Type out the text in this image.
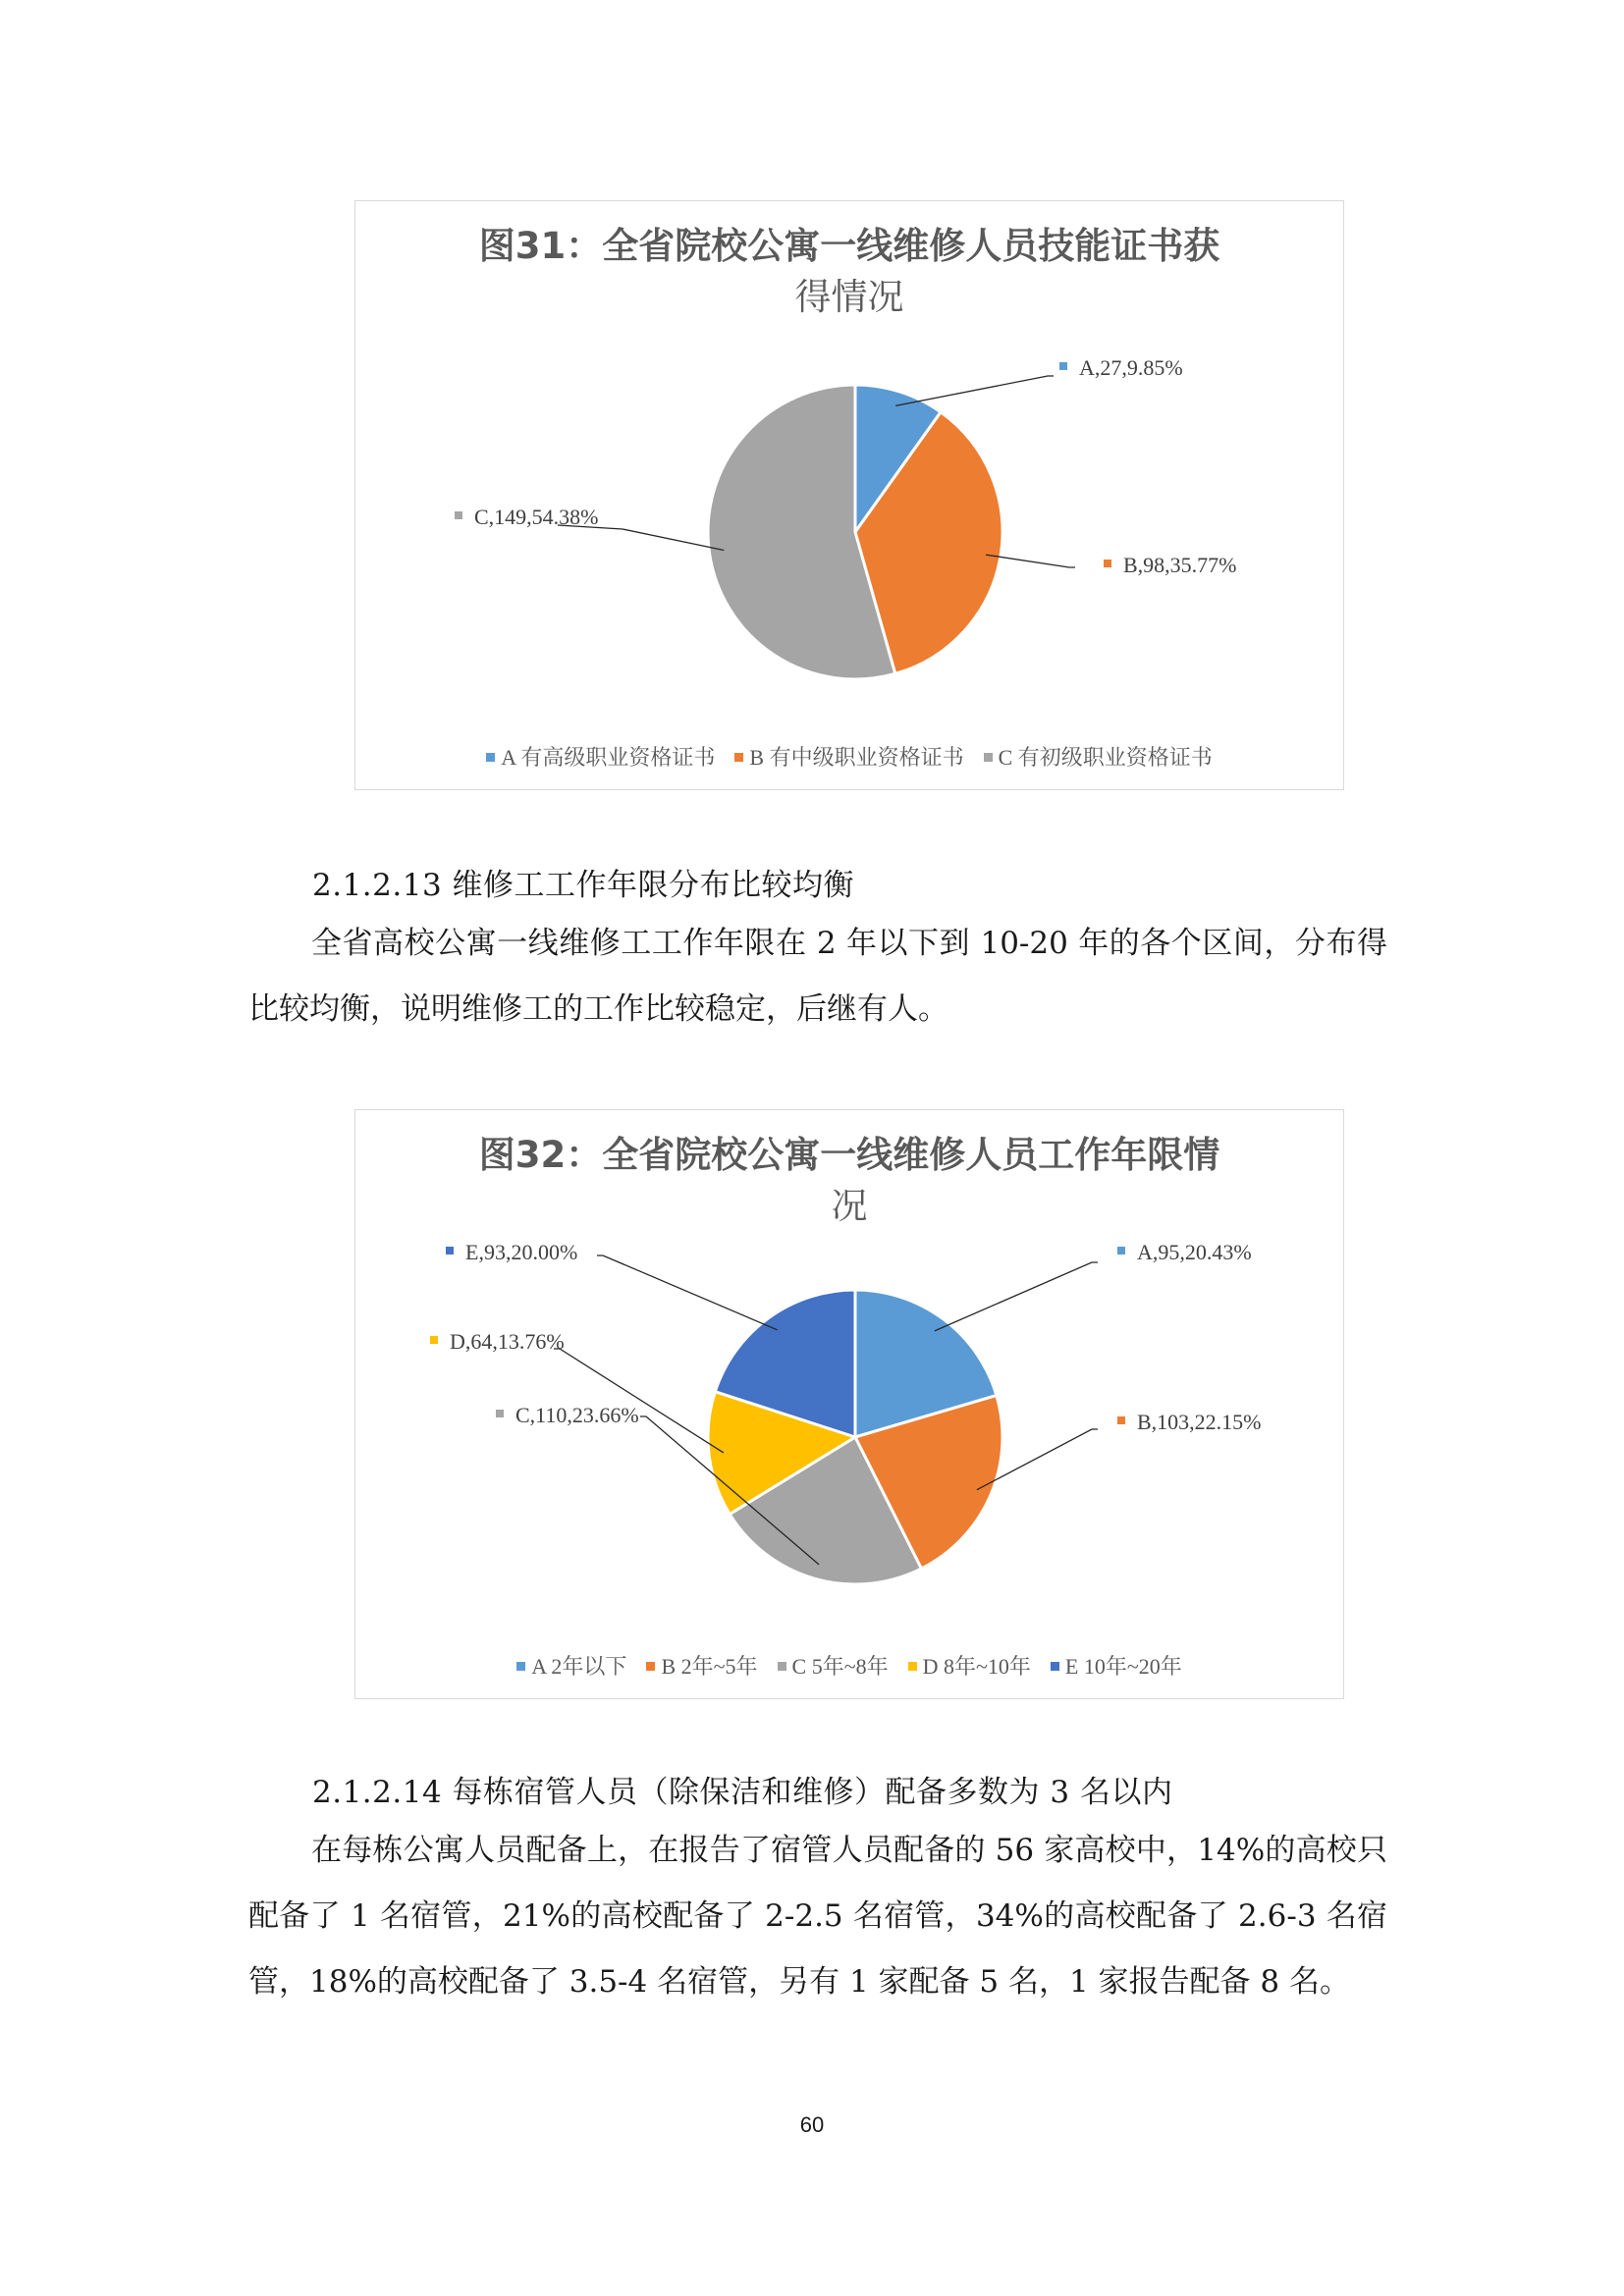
图31：全省院校公寓一线维修人员技能证书获
得情况
A,27,9.85%
B,98,35.77%
C,149,54.38%
A 有高级职业资格证书 B 有中级职业资格证书 C 有初级职业资格证书
2.1.2.13 维修工工作年限分布比较均衡
全省高校公寓一线维修工工作年限在 2 年以下到 10-20 年的各个区间，分布得比较均衡，说明维修工的工作比较稳定，后继有人。
图32：全省院校公寓一线维修人员工作年限情
况
A,95,20.43%
B,103,22.15%
C,110,23.66%
D,64,13.76%
E,93,20.00%
A 2年以下 B 2年~5年 C 5年~8年 D 8年~10年 E 10年~20年
2.1.2.14 每栋宿管人员（除保洁和维修）配备多数为 3 名以内
在每栋公寓人员配备上，在报告了宿管人员配备的 56 家高校中，14%的高校只配备了 1 名宿管，21%的高校配备了 2-2.5 名宿管，34%的高校配备了 2.6-3 名宿管，18%的高校配备了 3.5-4 名宿管，另有 1 家配备 5 名，1 家报告配备 8 名。
60
